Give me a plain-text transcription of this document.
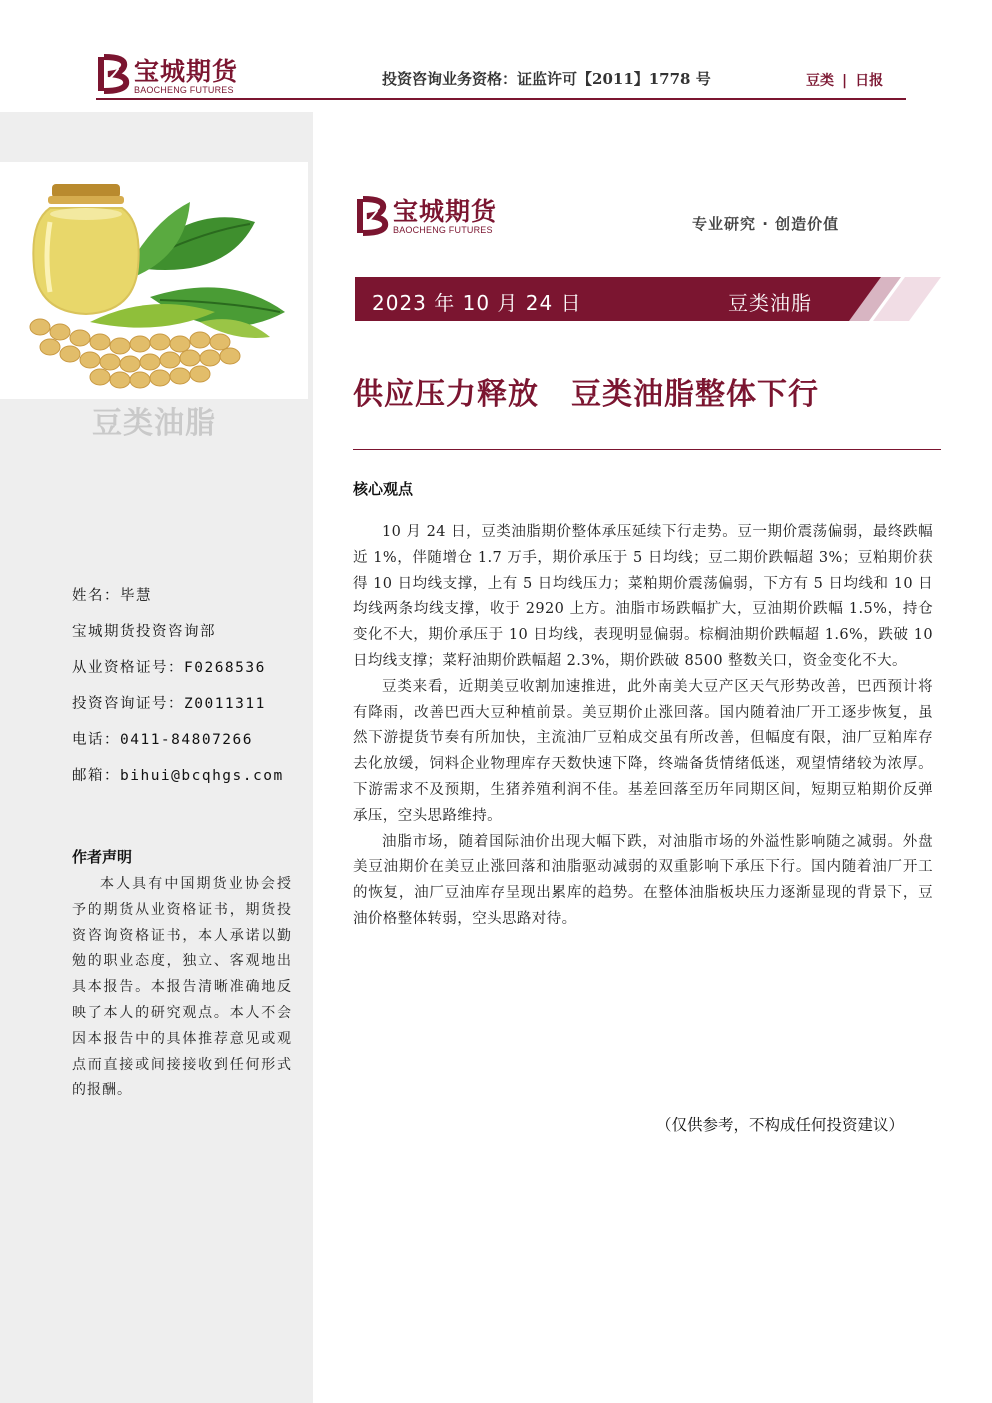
宝城期货
BAOCHENG FUTURES
投资咨询业务资格：证监许可【2011】1778 号	豆类 | 日报
豆类油脂
姓名：毕慧
宝城期货投资咨询部
从业资格证号：F0268536
投资咨询证号：Z0011311
电话：0411-84807266
邮箱：bihui@bcqhgs.com
作者声明
本人具有中国期货业协会授予的期货从业资格证书，期货投资咨询资格证书，本人承诺以勤勉的职业态度，独立、客观地出具本报告。本报告清晰准确地反映了本人的研究观点。本人不会因本报告中的具体推荐意见或观点而直接或间接接收到任何形式的报酬。
宝城期货
BAOCHENG FUTURES	专业研究 · 创造价值
2023 年 10 月 24 日	豆类油脂
供应压力释放 豆类油脂整体下行
核心观点

10 月 24 日，豆类油脂期价整体承压延续下行走势。豆一期价震荡偏弱，最终跌幅近 1%，伴随增仓 1.7 万手，期价承压于 5 日均线；豆二期价跌幅超 3%；豆粕期价获得 10 日均线支撑，上有 5 日均线压力；菜粕期价震荡偏弱，下方有 5 日均线和 10 日均线两条均线支撑，收于 2920 上方。油脂市场跌幅扩大，豆油期价跌幅 1.5%，持仓变化不大，期价承压于 10 日均线，表现明显偏弱。棕榈油期价跌幅超 1.6%，跌破 10 日均线支撑；菜籽油期价跌幅超 2.3%，期价跌破 8500 整数关口，资金变化不大。

豆类来看，近期美豆收割加速推进，此外南美大豆产区天气形势改善，巴西预计将有降雨，改善巴西大豆种植前景。美豆期价止涨回落。国内随着油厂开工逐步恢复，虽然下游提货节奏有所加快，主流油厂豆粕成交虽有所改善，但幅度有限，油厂豆粕库存去化放缓，饲料企业物理库存天数快速下降，终端备货情绪低迷，观望情绪较为浓厚。下游需求不及预期，生猪养殖利润不佳。基差回落至历年同期区间，短期豆粕期价反弹承压，空头思路维持。

油脂市场，随着国际油价出现大幅下跌，对油脂市场的外溢性影响随之减弱。外盘美豆油期价在美豆止涨回落和油脂驱动减弱的双重影响下承压下行。国内随着油厂开工的恢复，油厂豆油库存呈现出累库的趋势。在整体油脂板块压力逐渐显现的背景下，豆油价格整体转弱，空头思路对待。

（仅供参考，不构成任何投资建议）
